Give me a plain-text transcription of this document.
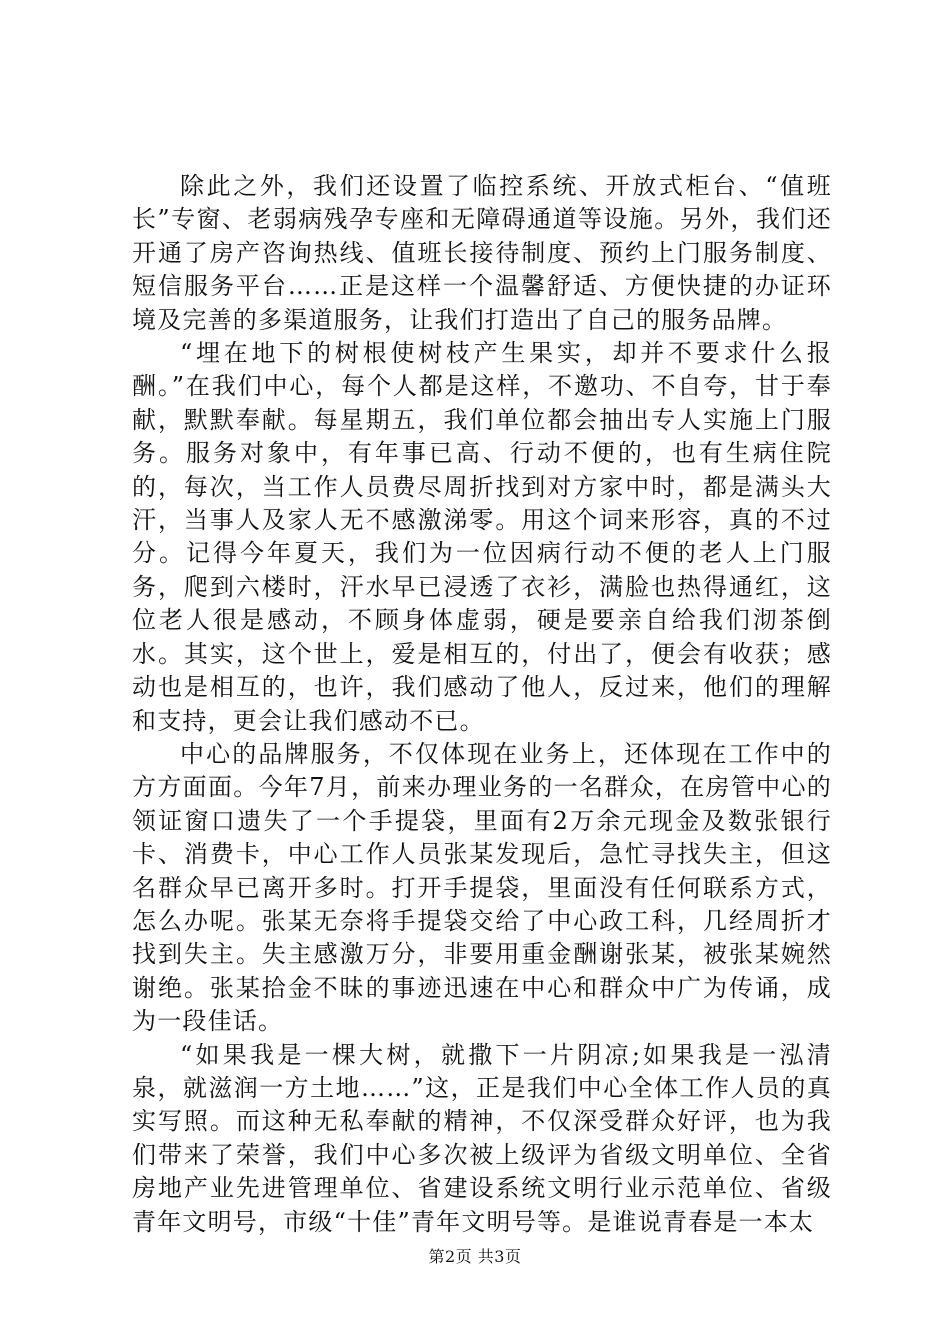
除此之外，我们还设置了临控系统、开放式柜台、“值班长”专窗、老弱病残孕专座和无障碍通道等设施。另外，我们还开通了房产咨询热线、值班长接待制度、预约上门服务制度、短信服务平台……正是这样一个温馨舒适、方便快捷的办证环境及完善的多渠道服务，让我们打造出了自己的服务品牌。

“埋在地下的树根使树枝产生果实，却并不要求什么报酬。”在我们中心，每个人都是这样，不邀功、不自夸，甘于奉献，默默奉献。每星期五，我们单位都会抽出专人实施上门服务。服务对象中，有年事已高、行动不便的，也有生病住院的，每次，当工作人员费尽周折找到对方家中时，都是满头大汗，当事人及家人无不感激涕零。用这个词来形容，真的不过分。记得今年夏天，我们为一位因病行动不便的老人上门服务，爬到六楼时，汗水早已浸透了衣衫，满脸也热得通红，这位老人很是感动，不顾身体虚弱，硬是要亲自给我们沏茶倒水。其实，这个世上，爱是相互的，付出了，便会有收获；感动也是相互的，也许，我们感动了他人，反过来，他们的理解和支持，更会让我们感动不已。

中心的品牌服务，不仅体现在业务上，还体现在工作中的方方面面。今年7月，前来办理业务的一名群众，在房管中心的领证窗口遗失了一个手提袋，里面有2万余元现金及数张银行卡、消费卡，中心工作人员张某发现后，急忙寻找失主，但这名群众早已离开多时。打开手提袋，里面没有任何联系方式，怎么办呢。张某无奈将手提袋交给了中心政工科，几经周折才找到失主。失主感激万分，非要用重金酬谢张某，被张某婉然谢绝。张某拾金不昧的事迹迅速在中心和群众中广为传诵，成为一段佳话。

“如果我是一棵大树，就撒下一片阴凉;如果我是一泓清泉，就滋润一方土地……”这，正是我们中心全体工作人员的真实写照。而这种无私奉献的精神，不仅深受群众好评，也为我们带来了荣誉，我们中心多次被上级评为省级文明单位、全省房地产业先进管理单位、省建设系统文明行业示范单位、省级青年文明号，市级“十佳”青年文明号等。是谁说青春是一本太

第2页 共3页
